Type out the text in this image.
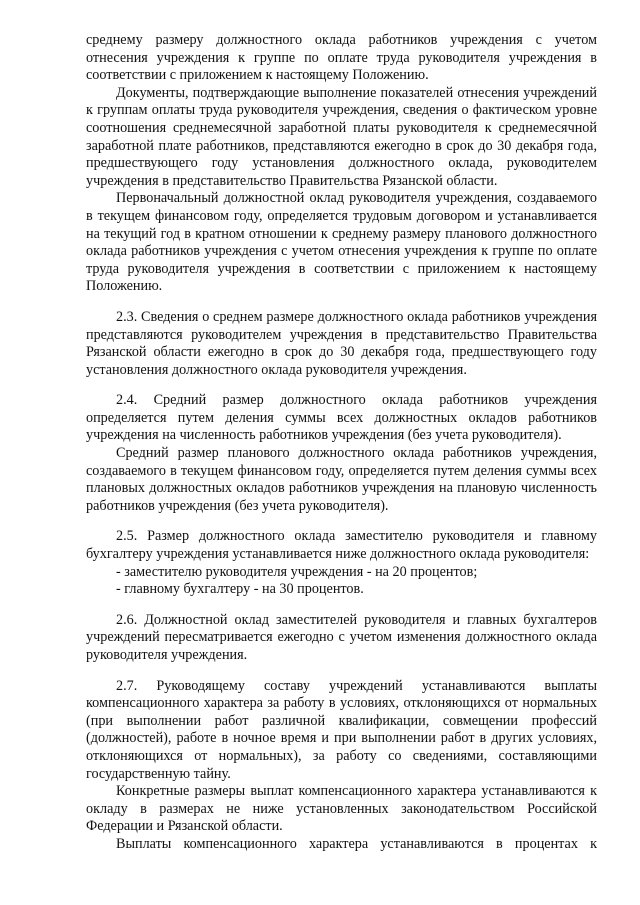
среднему размеру должностного оклада работников учреждения с учетом отнесения учреждения к группе по оплате труда руководителя учреждения в соответствии с приложением к настоящему Положению.

Документы, подтверждающие выполнение показателей отнесения учреждений к группам оплаты труда руководителя учреждения, сведения о фактическом уровне соотношения среднемесячной заработной платы руководителя к среднемесячной заработной плате работников, представляются ежегодно в срок до 30 декабря года, предшествующего году установления должностного оклада, руководителем учреждения в представительство Правительства Рязанской области.

Первоначальный должностной оклад руководителя учреждения, создаваемого в текущем финансовом году, определяется трудовым договором и устанавливается на текущий год в кратном отношении к среднему размеру планового должностного оклада работников учреждения с учетом отнесения учреждения к группе по оплате труда руководителя учреждения в соответствии с приложением к настоящему Положению.

2.3. Сведения о среднем размере должностного оклада работников учреждения представляются руководителем учреждения в представительство Правительства Рязанской области ежегодно в срок до 30 декабря года, предшествующего году установления должностного оклада руководителя учреждения.

2.4. Средний размер должностного оклада работников учреждения определяется путем деления суммы всех должностных окладов работников учреждения на численность работников учреждения (без учета руководителя).

Средний размер планового должностного оклада работников учреждения, создаваемого в текущем финансовом году, определяется путем деления суммы всех плановых должностных окладов работников учреждения на плановую численность работников учреждения (без учета руководителя).

2.5. Размер должностного оклада заместителю руководителя и главному бухгалтеру учреждения устанавливается ниже должностного оклада руководителя:

- заместителю руководителя учреждения - на 20 процентов;

- главному бухгалтеру - на 30 процентов.

2.6. Должностной оклад заместителей руководителя и главных бухгалтеров учреждений пересматривается ежегодно с учетом изменения должностного оклада руководителя учреждения.

2.7. Руководящему составу учреждений устанавливаются выплаты компенсационного характера за работу в условиях, отклоняющихся от нормальных (при выполнении работ различной квалификации, совмещении профессий (должностей), работе в ночное время и при выполнении работ в других условиях, отклоняющихся от нормальных), за работу со сведениями, составляющими государственную тайну.

Конкретные размеры выплат компенсационного характера устанавливаются к окладу в размерах не ниже установленных законодательством Российской Федерации и Рязанской области.

Выплаты компенсационного характера устанавливаются в процентах к
